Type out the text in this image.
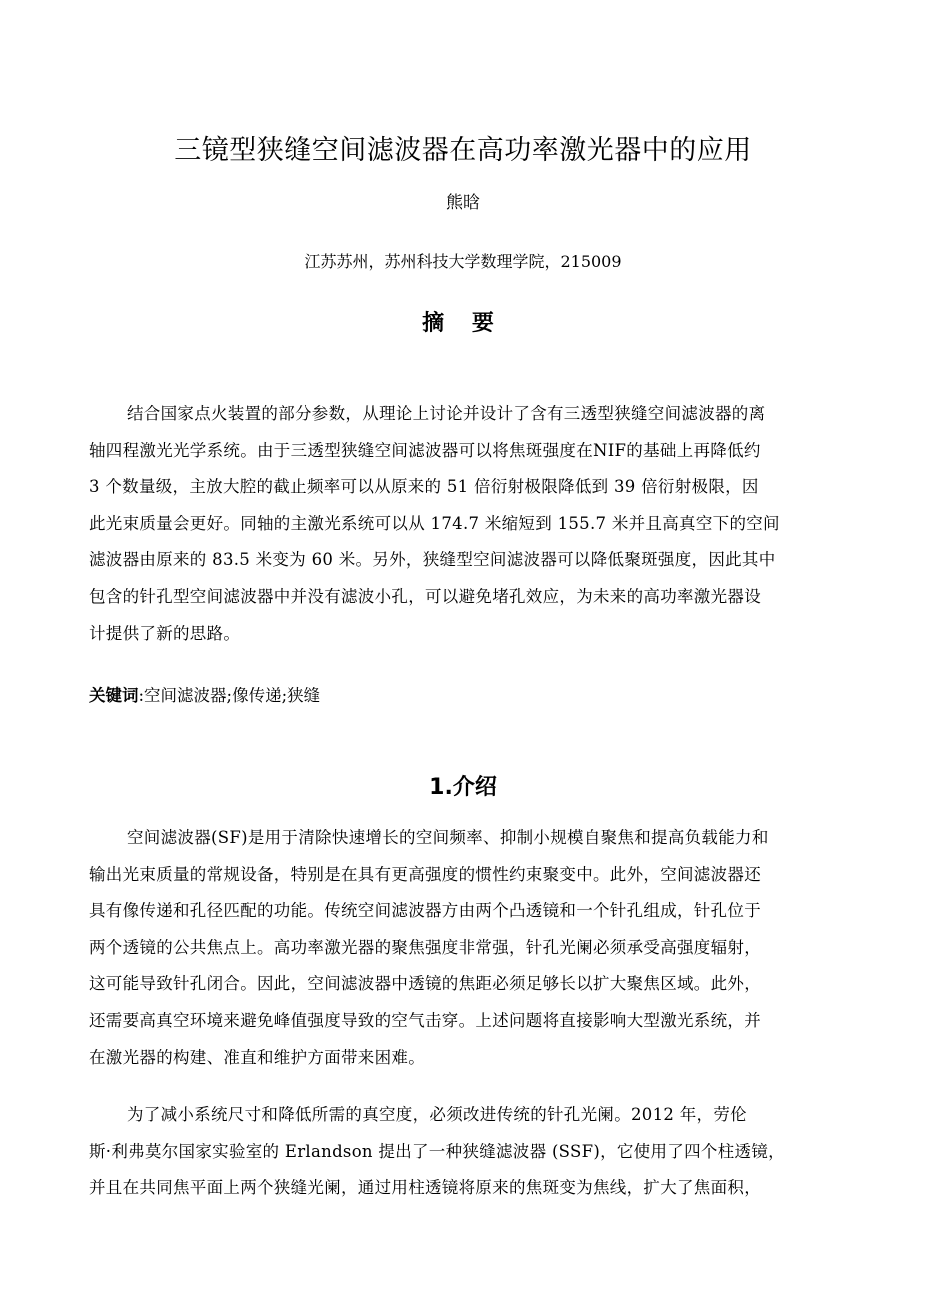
三镜型狭缝空间滤波器在高功率激光器中的应用
熊晗
江苏苏州，苏州科技大学数理学院，215009
摘 要
结合国家点火装置的部分参数，从理论上讨论并设计了含有三透型狭缝空间滤波器的离
轴四程激光光学系统。由于三透型狭缝空间滤波器可以将焦斑强度在NIF的基础上再降低约
3 个数量级，主放大腔的截止频率可以从原来的 51 倍衍射极限降低到 39 倍衍射极限，因
此光束质量会更好。同轴的主激光系统可以从 174.7 米缩短到 155.7 米并且高真空下的空间
滤波器由原来的 83.5 米变为 60 米。另外，狭缝型空间滤波器可以降低聚斑强度，因此其中
包含的针孔型空间滤波器中并没有滤波小孔，可以避免堵孔效应，为未来的高功率激光器设
计提供了新的思路。
关键词:空间滤波器;像传递;狭缝
1.介绍
空间滤波器(SF)是用于清除快速增长的空间频率、抑制小规模自聚焦和提高负载能力和
输出光束质量的常规设备，特别是在具有更高强度的惯性约束聚变中。此外，空间滤波器还
具有像传递和孔径匹配的功能。传统空间滤波器方由两个凸透镜和一个针孔组成，针孔位于
两个透镜的公共焦点上。高功率激光器的聚焦强度非常强，针孔光阑必须承受高强度辐射，
这可能导致针孔闭合。因此，空间滤波器中透镜的焦距必须足够长以扩大聚焦区域。此外，
还需要高真空环境来避免峰值强度导致的空气击穿。上述问题将直接影响大型激光系统，并
在激光器的构建、准直和维护方面带来困难。
为了减小系统尺寸和降低所需的真空度，必须改进传统的针孔光阑。2012 年，劳伦
斯·利弗莫尔国家实验室的 Erlandson 提出了一种狭缝滤波器 (SSF)，它使用了四个柱透镜，
并且在共同焦平面上两个狭缝光阑，通过用柱透镜将原来的焦斑变为焦线，扩大了焦面积，
